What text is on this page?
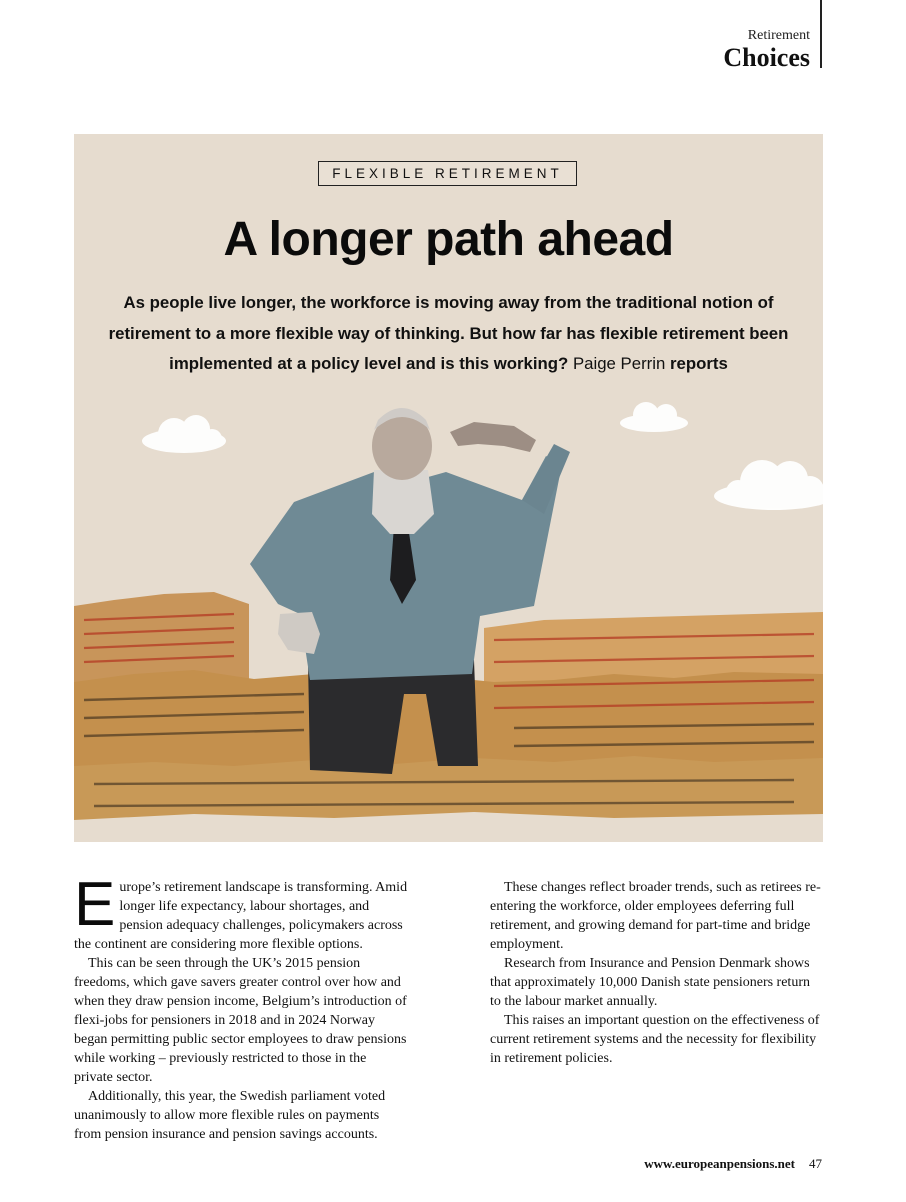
Retirement
Choices
FLEXIBLE RETIREMENT
A longer path ahead
As people live longer, the workforce is moving away from the traditional notion of retirement to a more flexible way of thinking. But how far has flexible retirement been implemented at a policy level and is this working? Paige Perrin reports

Europe’s retirement landscape is transforming. Amid longer life expectancy, labour shortages, and pension adequacy challenges, policymakers across the continent are considering more flexible options.

This can be seen through the UK’s 2015 pension freedoms, which gave savers greater control over how and when they draw pension income, Belgium’s introduction of flexi-jobs for pensioners in 2018 and in 2024 Norway began permitting public sector employees to draw pensions while working – previously restricted to those in the private sector.

Additionally, this year, the Swedish parliament voted unanimously to allow more flexible rules on payments from pension insurance and pension savings accounts.

These changes reflect broader trends, such as retirees re-entering the workforce, older employees deferring full retirement, and growing demand for part-time and bridge employment.

Research from Insurance and Pension Denmark shows that approximately 10,000 Danish state pensioners return to the labour market annually.

This raises an important question on the effectiveness of current retirement systems and the necessity for flexibility in retirement policies.

www.europeanpensions.net 47
